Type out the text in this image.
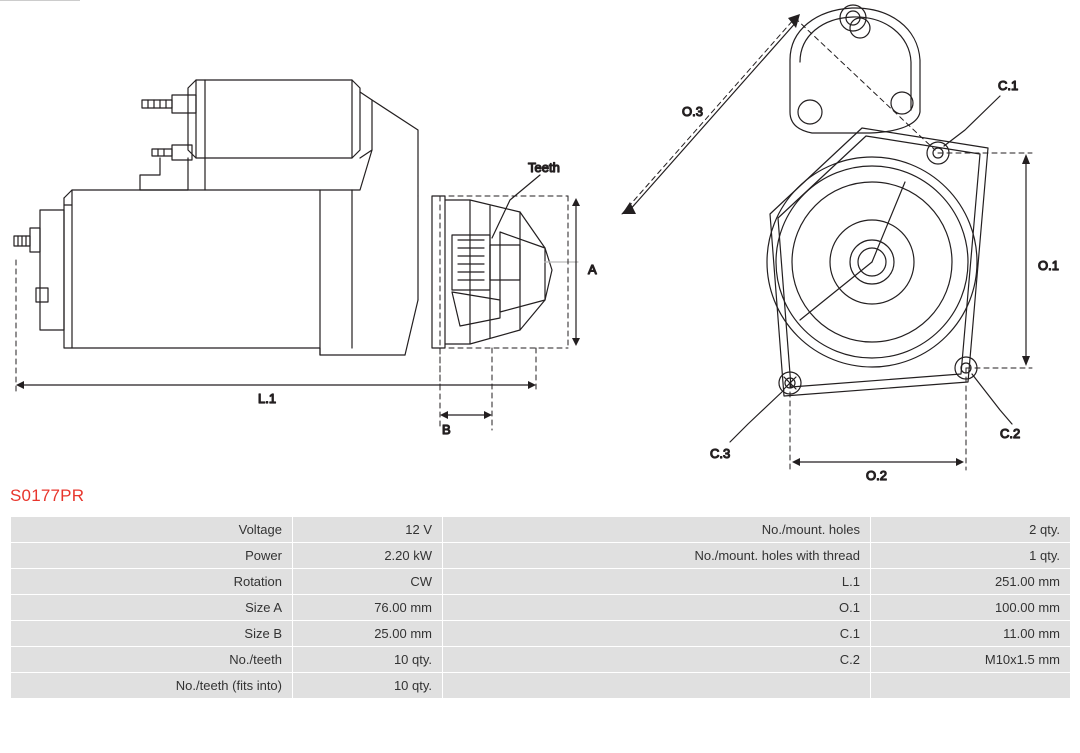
Teeth
A
L.1
B
O.3
O.1
O.2
C.1
C.2
C.3
S0177PR
Voltage	12 V	No./mount. holes	2 qty.
Power	2.20 kW	No./mount. holes with thread	1 qty.
Rotation	CW	L.1	251.00 mm
Size A	76.00 mm	O.1	100.00 mm
Size B	25.00 mm	C.1	11.00 mm
No./teeth	10 qty.	C.2	M10x1.5 mm
No./teeth (fits into)	10 qty.		
